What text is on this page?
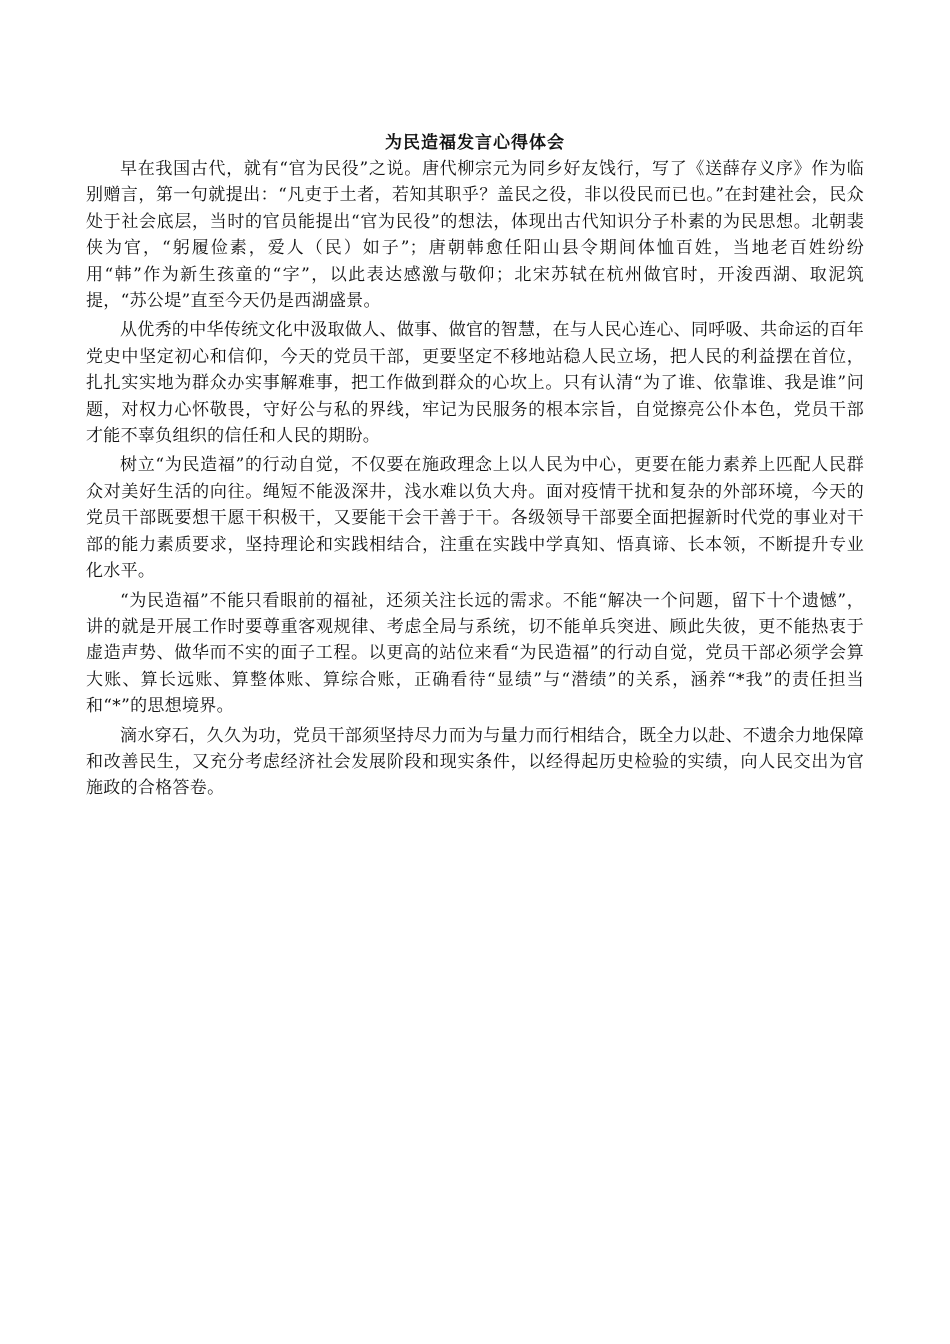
为民造福发言心得体会

早在我国古代，就有“官为民役”之说。唐代柳宗元为同乡好友饯行，写了《送薛存义序》作为临别赠言，第一句就提出：“凡吏于土者，若知其职乎？盖民之役，非以役民而已也。”在封建社会，民众处于社会底层，当时的官员能提出“官为民役”的想法，体现出古代知识分子朴素的为民思想。北朝裴侠为官，“躬履俭素，爱人（民）如子”；唐朝韩愈任阳山县令期间体恤百姓，当地老百姓纷纷用“韩”作为新生孩童的“字”，以此表达感激与敬仰；北宋苏轼在杭州做官时，开浚西湖、取泥筑提，“苏公堤”直至今天仍是西湖盛景。

从优秀的中华传统文化中汲取做人、做事、做官的智慧，在与人民心连心、同呼吸、共命运的百年党史中坚定初心和信仰，今天的党员干部，更要坚定不移地站稳人民立场，把人民的利益摆在首位，扎扎实实地为群众办实事解难事，把工作做到群众的心坎上。只有认清“为了谁、依靠谁、我是谁”问题，对权力心怀敬畏，守好公与私的界线，牢记为民服务的根本宗旨，自觉擦亮公仆本色，党员干部才能不辜负组织的信任和人民的期盼。

树立“为民造福”的行动自觉，不仅要在施政理念上以人民为中心，更要在能力素养上匹配人民群众对美好生活的向往。绳短不能汲深井，浅水难以负大舟。面对疫情干扰和复杂的外部环境，今天的党员干部既要想干愿干积极干，又要能干会干善于干。各级领导干部要全面把握新时代党的事业对干部的能力素质要求，坚持理论和实践相结合，注重在实践中学真知、悟真谛、长本领，不断提升专业化水平。

“为民造福”不能只看眼前的福祉，还须关注长远的需求。不能“解决一个问题，留下十个遗憾”，讲的就是开展工作时要尊重客观规律、考虑全局与系统，切不能单兵突进、顾此失彼，更不能热衷于虚造声势、做华而不实的面子工程。以更高的站位来看“为民造福”的行动自觉，党员干部必须学会算大账、算长远账、算整体账、算综合账，正确看待“显绩”与“潜绩”的关系，涵养“*我”的责任担当和“*”的思想境界。

滴水穿石，久久为功，党员干部须坚持尽力而为与量力而行相结合，既全力以赴、不遗余力地保障和改善民生，又充分考虑经济社会发展阶段和现实条件，以经得起历史检验的实绩，向人民交出为官施政的合格答卷。
